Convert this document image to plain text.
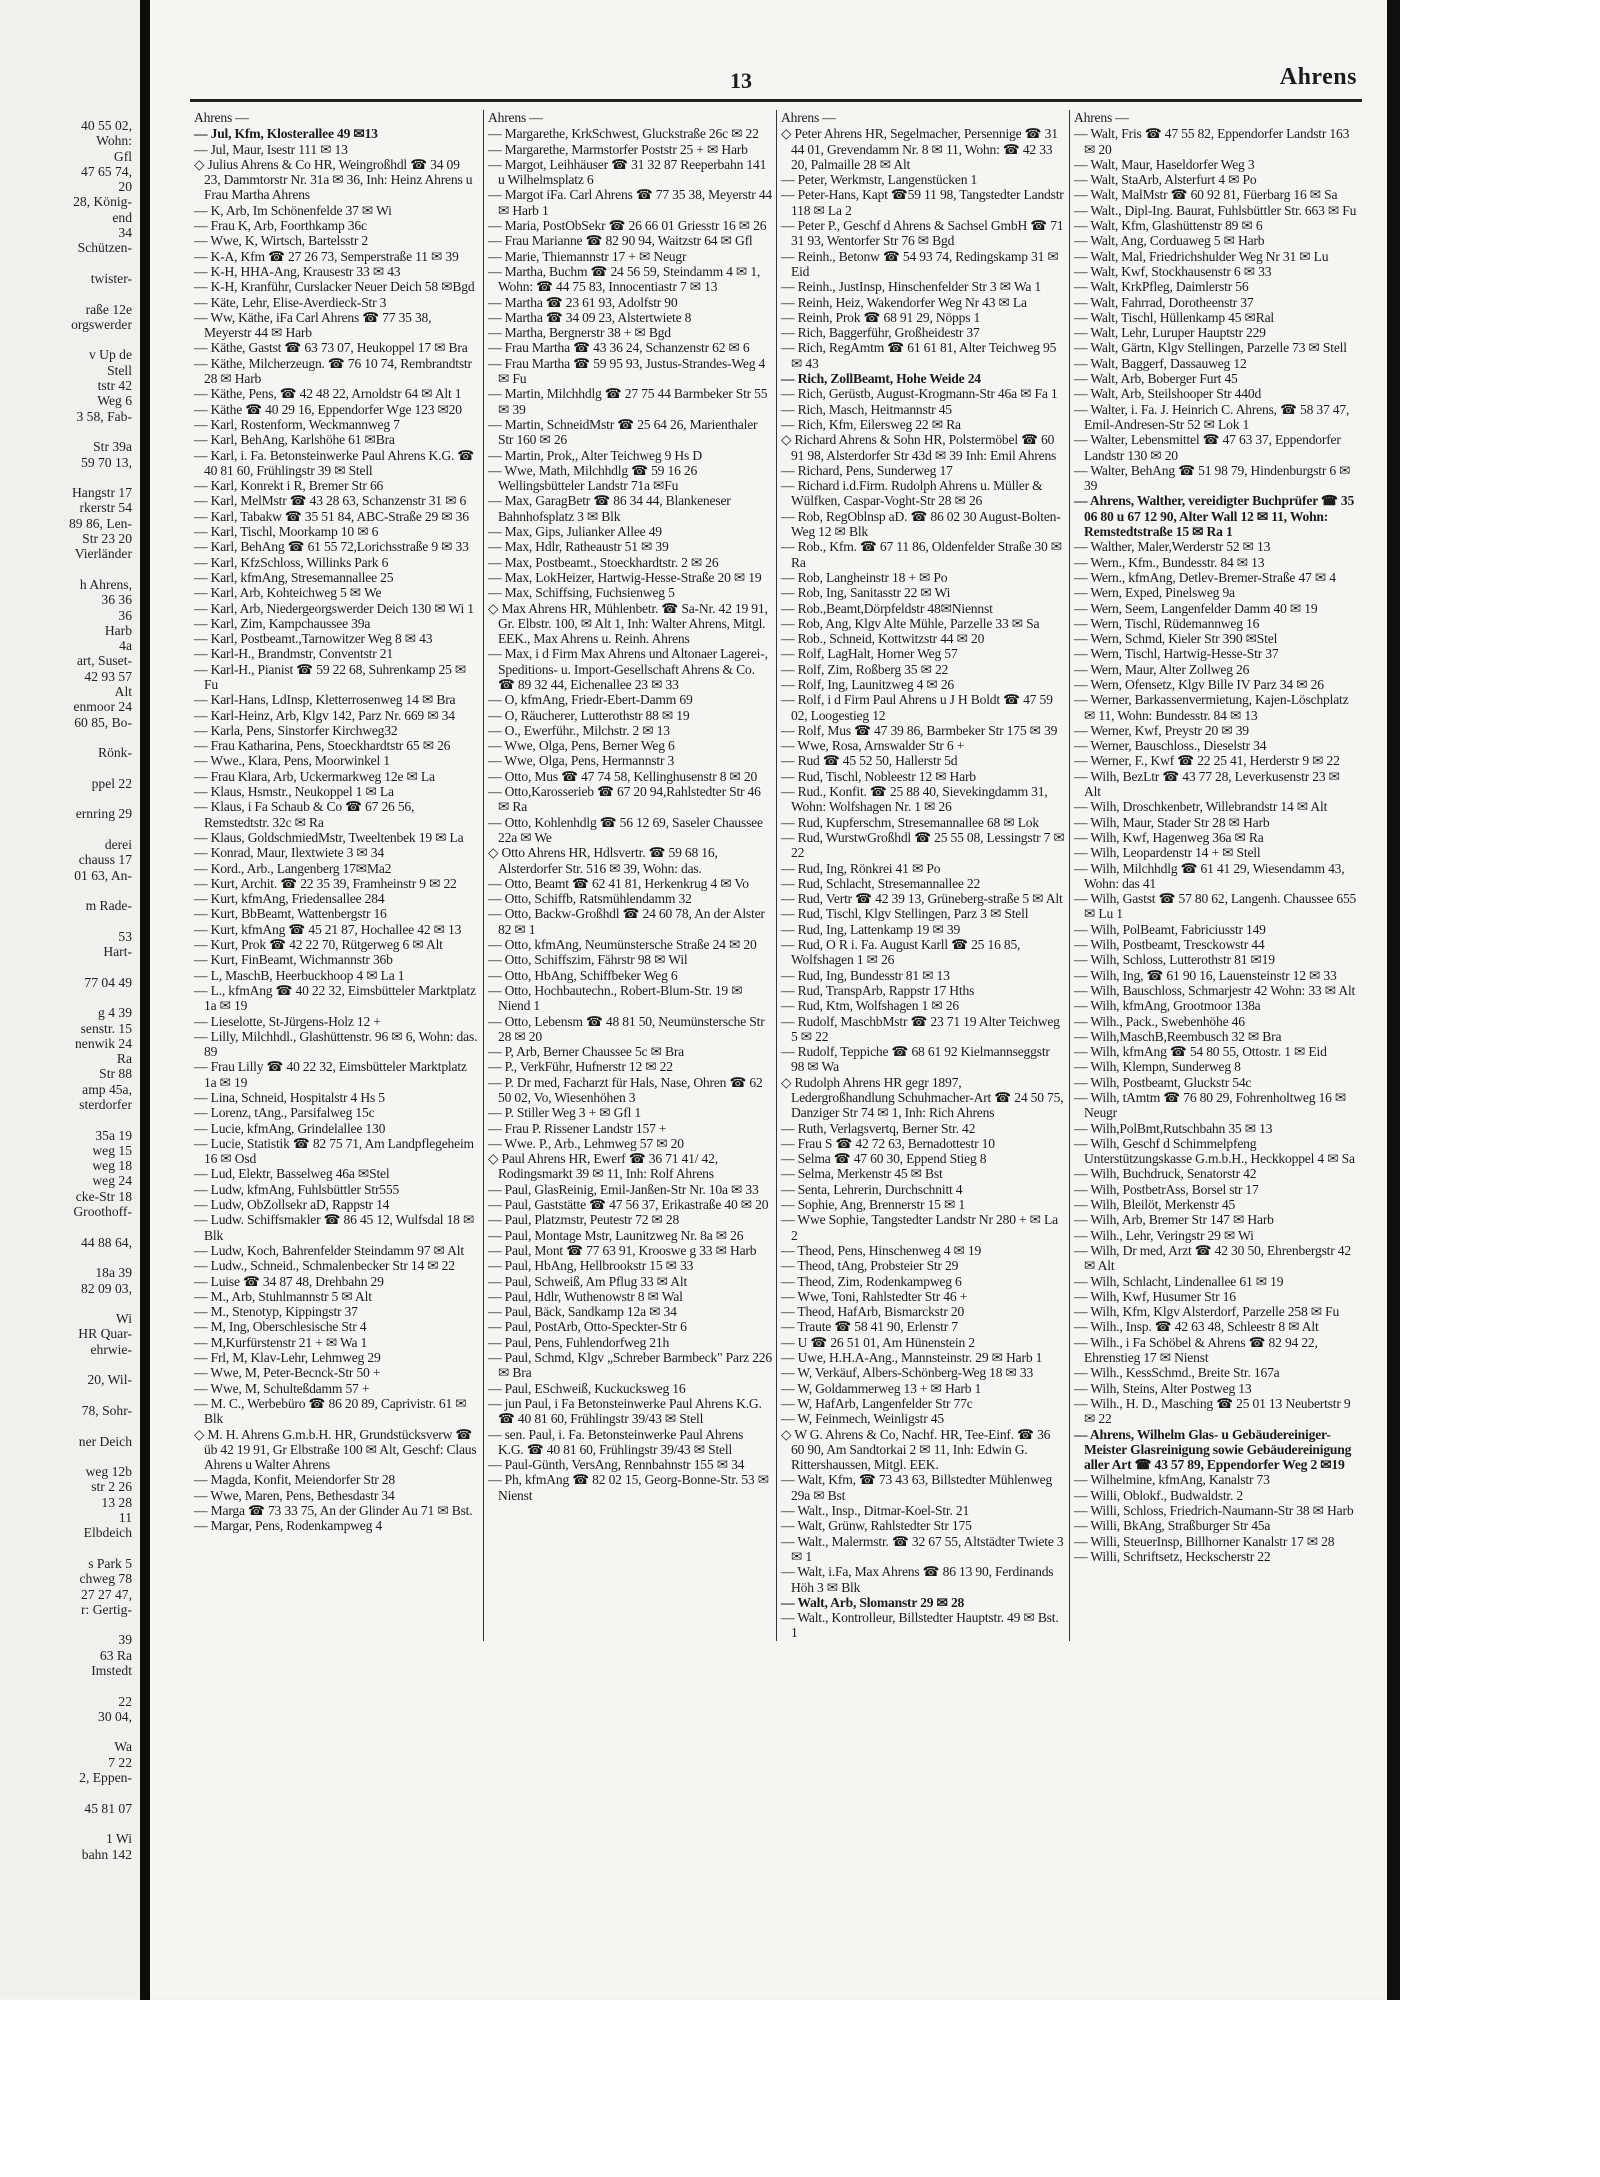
40 55 02,
Wohn:
Gfl
47 65 74,
20
28, König-
end
34
Schützen-

twister-

raße 12e
orgswerder

v Up de
Stell
tstr 42
Weg 6
3 58, Fab-

Str 39a
59 70 13,

Hangstr 17
rkerstr 54
89 86, Len-
Str 23 20
Vierländer

h Ahrens,
36 36
36
Harb
4a
art, Suset-
42 93 57
Alt
enmoor 24
60 85, Bo-

Rönk-

ppel 22

ernring 29

derei
chauss 17
01 63, An-

m Rade-

53
Hart-

77 04 49

g 4 39
senstr. 15
nenwik 24
Ra
Str 88
amp 45a,
sterdorfer

35a 19
weg 15
weg 18
weg 24
cke-Str 18
Groothoff-

44 88 64,

18a 39
82 09 03,

Wi
HR Quar-
ehrwie-

20, Wil-

78, Sohr-

ner Deich

weg 12b
str 2 26
13 28
11
Elbdeich

s Park 5
chweg 78
27 27 47,
r: Gertig-

39
63 Ra
Imstedt

22
30 04,

Wa
7 22
2, Eppen-

45 81 07

1 Wi
bahn 142
13	Ahrens
Ahrens —
— Jul, Kfm, Klosterallee 49 ✉13
— Jul, Maur, Isestr 111 ✉ 13
◇ Julius Ahrens & Co HR, Weingroßhdl ☎ 34 09 23, Dammtorstr Nr. 31a ✉ 36, Inh: Heinz Ahrens u Frau Martha Ahrens
— K, Arb, Im Schönenfelde 37 ✉ Wi
— Frau K, Arb, Foorthkamp 36c
— Wwe, K, Wirtsch, Bartelsstr 2
— K-A, Kfm ☎ 27 26 73, Semperstraße 11 ✉ 39
— K-H, HHA-Ang, Krausestr 33 ✉ 43
— K-H, Kranführ, Curslacker Neuer Deich 58 ✉Bgd
— Käte, Lehr, Elise-Averdieck-Str 3
— Ww, Käthe, iFa Carl Ahrens ☎ 77 35 38, Meyerstr 44 ✉ Harb
— Käthe, Gastst ☎ 63 73 07, Heukoppel 17 ✉ Bra
— Käthe, Milcherzeugn. ☎ 76 10 74, Rembrandtstr 28 ✉ Harb
— Käthe, Pens, ☎ 42 48 22, Arnoldstr 64 ✉ Alt 1
— Käthe ☎ 40 29 16, Eppendorfer Wge 123 ✉20
— Karl, Rostenform, Weckmannweg 7
— Karl, BehAng, Karlshöhe 61 ✉Bra
— Karl, i. Fa. Betonsteinwerke Paul Ahrens K.G. ☎ 40 81 60, Frühlingstr 39 ✉ Stell
— Karl, Konrekt i R, Bremer Str 66
— Karl, MelMstr ☎ 43 28 63, Schanzenstr 31 ✉ 6
— Karl, Tabakw ☎ 35 51 84, ABC-Straße 29 ✉ 36
— Karl, Tischl, Moorkamp 10 ✉ 6
— Karl, BehAng ☎ 61 55 72,Lorichsstraße 9 ✉ 33
— Karl, KfzSchloss, Willinks Park 6
— Karl, kfmAng, Stresemannallee 25
— Karl, Arb, Kohteichweg 5 ✉ We
— Karl, Arb, Niedergeorgswerder Deich 130 ✉ Wi 1
— Karl, Zim, Kampchaussee 39a
— Karl, Postbeamt.,Tarnowitzer Weg 8 ✉ 43
— Karl-H., Brandmstr, Conventstr 21
— Karl-H., Pianist ☎ 59 22 68, Suhrenkamp 25 ✉ Fu
— Karl-Hans, LdInsp, Kletterrosenweg 14 ✉ Bra
— Karl-Heinz, Arb, Klgv 142, Parz Nr. 669 ✉ 34
— Karla, Pens, Sinstorfer Kirchweg32
— Frau Katharina, Pens, Stoeckhardtstr 65 ✉ 26
— Wwe., Klara, Pens, Moorwinkel 1
— Frau Klara, Arb, Uckermarkweg 12e ✉ La
— Klaus, Hsmstr., Neukoppel 1 ✉ La
— Klaus, i Fa Schaub & Co ☎ 67 26 56, Remstedtstr. 32c ✉ Ra
— Klaus, GoldschmiedMstr, Tweeltenbek 19 ✉ La
— Konrad, Maur, Ilextwiete 3 ✉ 34
— Kord., Arb., Langenberg 17✉Ma2
— Kurt, Archit. ☎ 22 35 39, Framheinstr 9 ✉ 22
— Kurt, kfmAng, Friedensallee 284
— Kurt, BbBeamt, Wattenbergstr 16
— Kurt, kfmAng ☎ 45 21 87, Hochallee 42 ✉ 13
— Kurt, Prok ☎ 42 22 70, Rütgerweg 6 ✉ Alt
— Kurt, FinBeamt, Wichmannstr 36b
— L, MaschB, Heerbuckhoop 4 ✉ La 1
— L., kfmAng ☎ 40 22 32, Eimsbütteler Marktplatz 1a ✉ 19
— Lieselotte, St-Jürgens-Holz 12 +
— Lilly, Milchhdl., Glashüttenstr. 96 ✉ 6, Wohn: das. 89
— Frau Lilly ☎ 40 22 32, Eimsbütteler Marktplatz 1a ✉ 19
— Lina, Schneid, Hospitalstr 4 Hs 5
— Lorenz, tAng., Parsifalweg 15c
— Lucie, kfmAng, Grindelallee 130
— Lucie, Statistik ☎ 82 75 71, Am Landpflegeheim 16 ✉ Osd
— Lud, Elektr, Basselweg 46a ✉Stel
— Ludw, kfmAng, Fuhlsbüttler Str555
— Ludw, ObZollsekr aD, Rappstr 14
— Ludw. Schiffsmakler ☎ 86 45 12, Wulfsdal 18 ✉ Blk
— Ludw, Koch, Bahrenfelder Steindamm 97 ✉ Alt
— Ludw., Schneid., Schmalenbecker Str 14 ✉ 22
— Luise ☎ 34 87 48, Drehbahn 29
— M., Arb, Stuhlmannstr 5 ✉ Alt
— M., Stenotyp, Kippingstr 37
— M, Ing, Oberschlesische Str 4
— M,Kurfürstenstr 21 + ✉ Wa 1
— Frl, M, Klav-Lehr, Lehmweg 29
— Wwe, M, Peter-Becnck-Str 50 +
— Wwe, M, Schulteßdamm 57 +
— M. C., Werbebüro ☎ 86 20 89, Caprivistr. 61 ✉ Blk
◇ M. H. Ahrens G.m.b.H. HR, Grundstücksverw ☎ üb 42 19 91, Gr Elbstraße 100 ✉ Alt, Geschf: Claus Ahrens u Walter Ahrens
— Magda, Konfit, Meiendorfer Str 28
— Wwe, Maren, Pens, Bethesdastr 34
— Marga ☎ 73 33 75, An der Glinder Au 71 ✉ Bst.
— Margar, Pens, Rodenkampweg 4
Ahrens —
— Margarethe, KrkSchwest, Gluckstraße 26c ✉ 22
— Margarethe, Marmstorfer Poststr 25 + ✉ Harb
— Margot, Leihhäuser ☎ 31 32 87 Reeperbahn 141 u Wilhelmsplatz 6
— Margot iFa. Carl Ahrens ☎ 77 35 38, Meyerstr 44 ✉ Harb 1
— Maria, PostObSekr ☎ 26 66 01 Griesstr 16 ✉ 26
— Frau Marianne ☎ 82 90 94, Waitzstr 64 ✉ Gfl
— Marie, Thiemannstr 17 + ✉ Neugr
— Martha, Buchm ☎ 24 56 59, Steindamm 4 ✉ 1, Wohn: ☎ 44 75 83, Innocentiastr 7 ✉ 13
— Martha ☎ 23 61 93, Adolfstr 90
— Martha ☎ 34 09 23, Alstertwiete 8
— Martha, Bergnerstr 38 + ✉ Bgd
— Frau Martha ☎ 43 36 24, Schanzenstr 62 ✉ 6
— Frau Martha ☎ 59 95 93, Justus-Strandes-Weg 4 ✉ Fu
— Martin, Milchhdlg ☎ 27 75 44 Barmbeker Str 55 ✉ 39
— Martin, SchneidMstr ☎ 25 64 26, Marienthaler Str 160 ✉ 26
— Martin, Prok,, Alter Teichweg 9 Hs D
— Wwe, Math, Milchhdlg ☎ 59 16 26 Wellingsbütteler Landstr 71a ✉Fu
— Max, GaragBetr ☎ 86 34 44, Blankeneser Bahnhofsplatz 3 ✉ Blk
— Max, Gips, Julianker Allee 49
— Max, Hdlr, Ratheaustr 51 ✉ 39
— Max, Postbeamt., Stoeckhardtstr. 2 ✉ 26
— Max, LokHeizer, Hartwig-Hesse-Straße 20 ✉ 19
— Max, Schiffsing, Fuchsienweg 5
◇ Max Ahrens HR, Mühlenbetr. ☎ Sa-Nr. 42 19 91, Gr. Elbstr. 100, ✉ Alt 1, Inh: Walter Ahrens, Mitgl. EEK., Max Ahrens u. Reinh. Ahrens
— Max, i d Firm Max Ahrens und Altonaer Lagerei-, Speditions- u. Import-Gesellschaft Ahrens & Co. ☎ 89 32 44, Eichenallee 23 ✉ 33
— O, kfmAng, Friedr-Ebert-Damm 69
— O, Räucherer, Lutterothstr 88 ✉ 19
— O., Ewerführ., Milchstr. 2 ✉ 13
— Wwe, Olga, Pens, Berner Weg 6
— Wwe, Olga, Pens, Hermannstr 3
— Otto, Mus ☎ 47 74 58, Kellinghusenstr 8 ✉ 20
— Otto,Karosserieb ☎ 67 20 94,Rahlstedter Str 46 ✉ Ra
— Otto, Kohlenhdlg ☎ 56 12 69, Saseler Chaussee 22a ✉ We
◇ Otto Ahrens HR, Hdlsvertr. ☎ 59 68 16, Alsterdorfer Str. 516 ✉ 39, Wohn: das.
— Otto, Beamt ☎ 62 41 81, Herkenkrug 4 ✉ Vo
— Otto, Schiffb, Ratsmühlendamm 32
— Otto, Backw-Großhdl ☎ 24 60 78, An der Alster 82 ✉ 1
— Otto, kfmAng, Neumünstersche Straße 24 ✉ 20
— Otto, Schiffszim, Fährstr 98 ✉ Wil
— Otto, HbAng, Schiffbeker Weg 6
— Otto, Hochbautechn., Robert-Blum-Str. 19 ✉ Niend 1
— Otto, Lebensm ☎ 48 81 50, Neumünstersche Str 28 ✉ 20
— P, Arb, Berner Chaussee 5c ✉ Bra
— P., VerkFühr, Hufnerstr 12 ✉ 22
— P. Dr med, Facharzt für Hals, Nase, Ohren ☎ 62 50 02, Vo, Wiesenhöhen 3
— P. Stiller Weg 3 + ✉ Gfl 1
— Frau P. Rissener Landstr 157 +
— Wwe. P., Arb., Lehmweg 57 ✉ 20
◇ Paul Ahrens HR, Ewerf ☎ 36 71 41/ 42, Rodingsmarkt 39 ✉ 11, Inh: Rolf Ahrens
— Paul, GlasReinig, Emil-Janßen-Str Nr. 10a ✉ 33
— Paul, Gaststätte ☎ 47 56 37, Erikastraße 40 ✉ 20
— Paul, Platzmstr, Peutestr 72 ✉ 28
— Paul, Montage Mstr, Launitzweg Nr. 8a ✉ 26
— Paul, Mont ☎ 77 63 91, Krooswe g 33 ✉ Harb
— Paul, HbAng, Hellbrookstr 15 ✉ 33
— Paul, Schweiß, Am Pflug 33 ✉ Alt
— Paul, Hdlr, Wuthenowstr 8 ✉ Wal
— Paul, Bäck, Sandkamp 12a ✉ 34
— Paul, PostArb, Otto-Speckter-Str 6
— Paul, Pens, Fuhlendorfweg 21h
— Paul, Schmd, Klgv „Schreber Barmbeck" Parz 226 ✉ Bra
— Paul, ESchweiß, Kuckucksweg 16
— jun Paul, i Fa Betonsteinwerke Paul Ahrens K.G. ☎ 40 81 60, Frühlingstr 39/43 ✉ Stell
— sen. Paul, i. Fa. Betonsteinwerke Paul Ahrens K.G. ☎ 40 81 60, Frühlingstr 39/43 ✉ Stell
— Paul-Günth, VersAng, Rennbahnstr 155 ✉ 34
— Ph, kfmAng ☎ 82 02 15, Georg-Bonne-Str. 53 ✉ Nienst
Ahrens —
◇ Peter Ahrens HR, Segelmacher, Persennige ☎ 31 44 01, Grevendamm Nr. 8 ✉ 11, Wohn: ☎ 42 33 20, Palmaille 28 ✉ Alt
— Peter, Werkmstr, Langenstücken 1
— Peter-Hans, Kapt ☎59 11 98, Tangstedter Landstr 118 ✉ La 2
— Peter P., Geschf d Ahrens & Sachsel GmbH ☎ 71 31 93, Wentorfer Str 76 ✉ Bgd
— Reinh., Betonw ☎ 54 93 74, Redingskamp 31 ✉ Eid
— Reinh., JustInsp, Hinschenfelder Str 3 ✉ Wa 1
— Reinh, Heiz, Wakendorfer Weg Nr 43 ✉ La
— Reinh, Prok ☎ 68 91 29, Nöpps 1
— Rich, Baggerführ, Großheidestr 37
— Rich, RegAmtm ☎ 61 61 81, Alter Teichweg 95 ✉ 43
— Rich, ZollBeamt, Hohe Weide 24
— Rich, Gerüstb, August-Krogmann-Str 46a ✉ Fa 1
— Rich, Masch, Heitmannstr 45
— Rich, Kfm, Eilersweg 22 ✉ Ra
◇ Richard Ahrens & Sohn HR, Polstermöbel ☎ 60 91 98, Alsterdorfer Str 43d ✉ 39 Inh: Emil Ahrens
— Richard, Pens, Sunderweg 17
— Richard i.d.Firm. Rudolph Ahrens u. Müller & Wülfken, Caspar-Voght-Str 28 ✉ 26
— Rob, RegOblnsp aD. ☎ 86 02 30 August-Bolten-Weg 12 ✉ Blk
— Rob., Kfm. ☎ 67 11 86, Oldenfelder Straße 30 ✉ Ra
— Rob, Langheinstr 18 + ✉ Po
— Rob, Ing, Sanitasstr 22 ✉ Wi
— Rob.,Beamt,Dörpfeldstr 48✉Niennst
— Rob, Ang, Klgv Alte Mühle, Parzelle 33 ✉ Sa
— Rob., Schneid, Kottwitzstr 44 ✉ 20
— Rolf, LagHalt, Horner Weg 57
— Rolf, Zim, Roßberg 35 ✉ 22
— Rolf, Ing, Launitzweg 4 ✉ 26
— Rolf, i d Firm Paul Ahrens u J H Boldt ☎ 47 59 02, Loogestieg 12
— Rolf, Mus ☎ 47 39 86, Barmbeker Str 175 ✉ 39
— Wwe, Rosa, Arnswalder Str 6 +
— Rud ☎ 45 52 50, Hallerstr 5d
— Rud, Tischl, Nobleestr 12 ✉ Harb
— Rud., Konfit. ☎ 25 88 40, Sievekingdamm 31, Wohn: Wolfshagen Nr. 1 ✉ 26
— Rud, Kupferschm, Stresemannallee 68 ✉ Lok
— Rud, WurstwGroßhdl ☎ 25 55 08, Lessingstr 7 ✉ 22
— Rud, Ing, Rönkrei 41 ✉ Po
— Rud, Schlacht, Stresemannallee 22
— Rud, Vertr ☎ 42 39 13, Grüneberg-straße 5 ✉ Alt
— Rud, Tischl, Klgv Stellingen, Parz 3 ✉ Stell
— Rud, Ing, Lattenkamp 19 ✉ 39
— Rud, O R i. Fa. August Karll ☎ 25 16 85, Wolfshagen 1 ✉ 26
— Rud, Ing, Bundesstr 81 ✉ 13
— Rud, TranspArb, Rappstr 17 Hths
— Rud, Ktm, Wolfshagen 1 ✉ 26
— Rudolf, MaschbMstr ☎ 23 71 19 Alter Teichweg 5 ✉ 22
— Rudolf, Teppiche ☎ 68 61 92 Kielmannseggstr 98 ✉ Wa
◇ Rudolph Ahrens HR gegr 1897, Ledergroßhandlung Schuhmacher-Art ☎ 24 50 75, Danziger Str 74 ✉ 1, Inh: Rich Ahrens
— Ruth, Verlagsvertq, Berner Str. 42
— Frau S ☎ 42 72 63, Bernadottestr 10
— Selma ☎ 47 60 30, Eppend Stieg 8
— Selma, Merkenstr 45 ✉ Bst
— Senta, Lehrerin, Durchschnitt 4
— Sophie, Ang, Brennerstr 15 ✉ 1
— Wwe Sophie, Tangstedter Landstr Nr 280 + ✉ La 2
— Theod, Pens, Hinschenweg 4 ✉ 19
— Theod, tAng, Probsteier Str 29
— Theod, Zim, Rodenkampweg 6
— Wwe, Toni, Rahlstedter Str 46 +
— Theod, HafArb, Bismarckstr 20
— Traute ☎ 58 41 90, Erlenstr 7
— U ☎ 26 51 01, Am Hünenstein 2
— Uwe, H.H.A-Ang., Mannsteinstr. 29 ✉ Harb 1
— W, Verkäuf, Albers-Schönberg-Weg 18 ✉ 33
— W, Goldammerweg 13 + ✉ Harb 1
— W, HafArb, Langenfelder Str 77c
— W, Feinmech, Weinligstr 45
◇ W G. Ahrens & Co, Nachf. HR, Tee-Einf. ☎ 36 60 90, Am Sandtorkai 2 ✉ 11, Inh: Edwin G. Rittershaussen, Mitgl. EEK.
— Walt, Kfm, ☎ 73 43 63, Billstedter Mühlenweg 29a ✉ Bst
— Walt., Insp., Ditmar-Koel-Str. 21
— Walt, Grünw, Rahlstedter Str 175
— Walt., Malermstr. ☎ 32 67 55, Altstädter Twiete 3 ✉ 1
— Walt, i.Fa, Max Ahrens ☎ 86 13 90, Ferdinands Höh 3 ✉ Blk
— Walt, Arb, Slomanstr 29 ✉ 28
— Walt., Kontrolleur, Billstedter Hauptstr. 49 ✉ Bst. 1
Ahrens —
— Walt, Fris ☎ 47 55 82, Eppendorfer Landstr 163 ✉ 20
— Walt, Maur, Haseldorfer Weg 3
— Walt, StaArb, Alsterfurt 4 ✉ Po
— Walt, MalMstr ☎ 60 92 81, Füerbarg 16 ✉ Sa
— Walt., Dipl-Ing. Baurat, Fuhlsbüttler Str. 663 ✉ Fu
— Walt, Kfm, Glashüttenstr 89 ✉ 6
— Walt, Ang, Corduaweg 5 ✉ Harb
— Walt, Mal, Friedrichshulder Weg Nr 31 ✉ Lu
— Walt, Kwf, Stockhausenstr 6 ✉ 33
— Walt, KrkPfleg, Daimlerstr 56
— Walt, Fahrrad, Dorotheenstr 37
— Walt, Tischl, Hüllenkamp 45 ✉Ral
— Walt, Lehr, Luruper Hauptstr 229
— Walt, Gärtn, Klgv Stellingen, Parzelle 73 ✉ Stell
— Walt, Baggerf, Dassauweg 12
— Walt, Arb, Boberger Furt 45
— Walt, Arb, Steilshooper Str 440d
— Walter, i. Fa. J. Heinrich C. Ahrens, ☎ 58 37 47, Emil-Andresen-Str 52 ✉ Lok 1
— Walter, Lebensmittel ☎ 47 63 37, Eppendorfer Landstr 130 ✉ 20
— Walter, BehAng ☎ 51 98 79, Hindenburgstr 6 ✉ 39
— Ahrens, Walther, vereidigter Buchprüfer ☎ 35 06 80 u 67 12 90, Alter Wall 12 ✉ 11, Wohn: Remstedtstraße 15 ✉ Ra 1
— Walther, Maler,Werderstr 52 ✉ 13
— Wern., Kfm., Bundesstr. 84 ✉ 13
— Wern., kfmAng, Detlev-Bremer-Straße 47 ✉ 4
— Wern, Exped, Pinelsweg 9a
— Wern, Seem, Langenfelder Damm 40 ✉ 19
— Wern, Tischl, Rüdemannweg 16
— Wern, Schmd, Kieler Str 390 ✉Stel
— Wern, Tischl, Hartwig-Hesse-Str 37
— Wern, Maur, Alter Zollweg 26
— Wern, Ofensetz, Klgv Bille IV Parz 34 ✉ 26
— Werner, Barkassenvermietung, Kajen-Löschplatz ✉ 11, Wohn: Bundesstr. 84 ✉ 13
— Werner, Kwf, Preystr 20 ✉ 39
— Werner, Bauschloss., Dieselstr 34
— Werner, F., Kwf ☎ 22 25 41, Herderstr 9 ✉ 22
— Wilh, BezLtr ☎ 43 77 28, Leverkusenstr 23 ✉ Alt
— Wilh, Droschkenbetr, Willebrandstr 14 ✉ Alt
— Wilh, Maur, Stader Str 28 ✉ Harb
— Wilh, Kwf, Hagenweg 36a ✉ Ra
— Wilh, Leopardenstr 14 + ✉ Stell
— Wilh, Milchhdlg ☎ 61 41 29, Wiesendamm 43, Wohn: das 41
— Wilh, Gastst ☎ 57 80 62, Langenh. Chaussee 655 ✉ Lu 1
— Wilh, PolBeamt, Fabriciusstr 149
— Wilh, Postbeamt, Tresckowstr 44
— Wilh, Schloss, Lutterothstr 81 ✉19
— Wilh, Ing, ☎ 61 90 16, Lauensteinstr 12 ✉ 33
— Wilh, Bauschloss, Schmarjestr 42 Wohn: 33 ✉ Alt
— Wilh, kfmAng, Grootmoor 138a
— Wilh., Pack., Swebenhöhe 46
— Wilh,MaschB,Reembusch 32 ✉ Bra
— Wilh, kfmAng ☎ 54 80 55, Ottostr. 1 ✉ Eid
— Wilh, Klempn, Sunderweg 8
— Wilh, Postbeamt, Gluckstr 54c
— Wilh, tAmtm ☎ 76 80 29, Fohrenholtweg 16 ✉ Neugr
— Wilh,PolBmt,Rutschbahn 35 ✉ 13
— Wilh, Geschf d Schimmelpfeng Unterstützungskasse G.m.b.H., Heckkoppel 4 ✉ Sa
— Wilh, Buchdruck, Senatorstr 42
— Wilh, PostbetrAss, Borsel str 17
— Wilh, Bleilöt, Merkenstr 45
— Wilh, Arb, Bremer Str 147 ✉ Harb
— Wilh., Lehr, Veringstr 29 ✉ Wi
— Wilh, Dr med, Arzt ☎ 42 30 50, Ehrenbergstr 42 ✉ Alt
— Wilh, Schlacht, Lindenallee 61 ✉ 19
— Wilh, Kwf, Husumer Str 16
— Wilh, Kfm, Klgv Alsterdorf, Parzelle 258 ✉ Fu
— Wilh., Insp. ☎ 42 63 48, Schleestr 8 ✉ Alt
— Wilh., i Fa Schöbel & Ahrens ☎ 82 94 22, Ehrenstieg 17 ✉ Nienst
— Wilh., KessSchmd., Breite Str. 167a
— Wilh, Steins, Alter Postweg 13
— Wilh., H. D., Masching ☎ 25 01 13 Neubertstr 9 ✉ 22
— Ahrens, Wilhelm Glas- u Gebäudereiniger-Meister Glasreinigung sowie Gebäudereinigung aller Art ☎ 43 57 89, Eppendorfer Weg 2 ✉19
— Wilhelmine, kfmAng, Kanalstr 73
— Willi, Oblokf., Budwaldstr. 2
— Willi, Schloss, Friedrich-Naumann-Str 38 ✉ Harb
— Willi, BkAng, Straßburger Str 45a
— Willi, SteuerInsp, Billhorner Kanalstr 17 ✉ 28
— Willi, Schriftsetz, Heckscherstr 22
